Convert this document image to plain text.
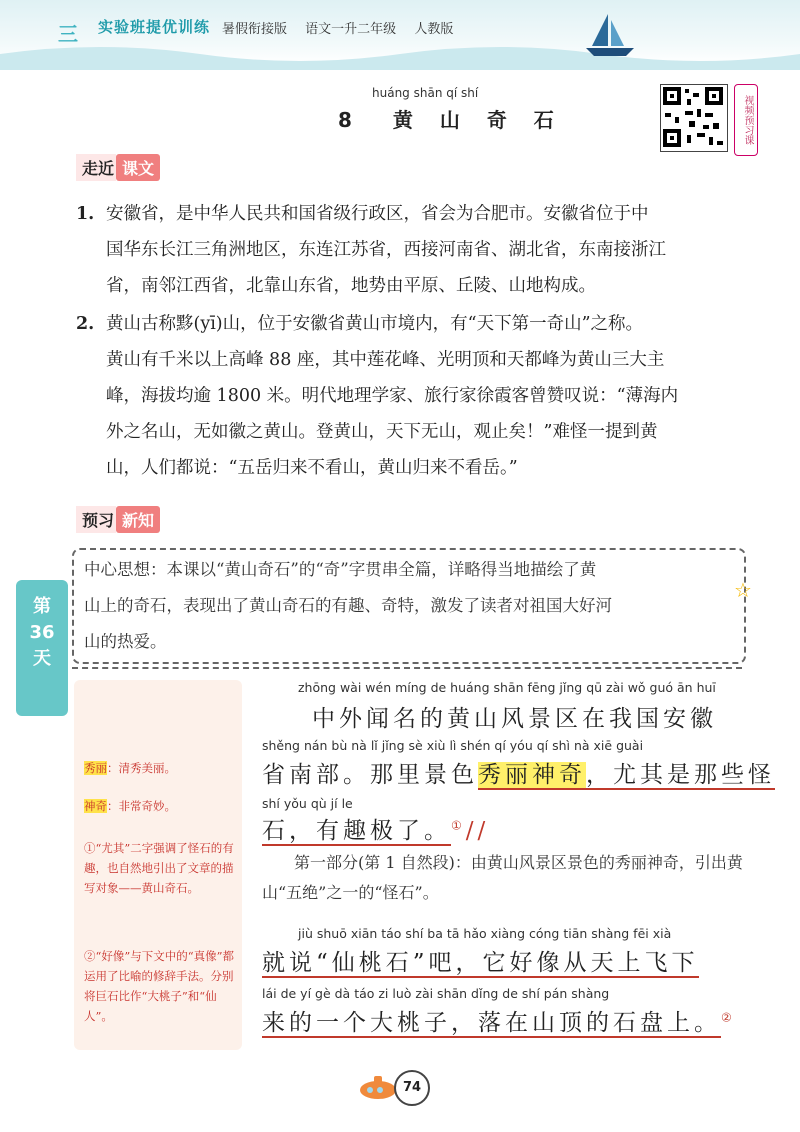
三 实验班提优训练 暑假衔接版 语文一升二年级 人教版
huáng shān qí shí
8 黄 山 奇 石	视频预习课
走近 课文
1. 安徽省，是中华人民共和国省级行政区，省会为合肥市。安徽省位于中
国华东长江三角洲地区，东连江苏省，西接河南省、湖北省，东南接浙江
省，南邻江西省，北靠山东省，地势由平原、丘陵、山地构成。
2. 黄山古称黟(yī)山，位于安徽省黄山市境内，有“天下第一奇山”之称。
黄山有千米以上高峰 88 座，其中莲花峰、光明顶和天都峰为黄山三大主
峰，海拔均逾 1800 米。明代地理学家、旅行家徐霞客曾赞叹说：“薄海内
外之名山，无如徽之黄山。登黄山，天下无山，观止矣！”难怪一提到黄
山，人们都说：“五岳归来不看山，黄山归来不看岳。”
预习 新知
中心思想：本课以“黄山奇石”的“奇”字贯串全篇，详略得当地描绘了黄
山上的奇石，表现出了黄山奇石的有趣、奇特，激发了读者对祖国大好河
山的热爱。
☆
第
36
天
秀丽：清秀美丽。
神奇：非常奇妙。
①“尤其”二字强调了怪石的有趣，也自然地引出了文章的描写对象——黄山奇石。
②“好像”与下文中的“真像”都运用了比喻的修辞手法。分别将巨石比作“大桃子”和“仙人”。
zhōng wài wén míng de huáng shān fēng jǐng qū zài wǒ guó ān huī
中外闻名的黄山风景区在我国安徽
shěng nán bù nà lǐ jǐng sè xiù lì shén qí yóu qí shì nà xiē guài
省南部。那里景色秀丽神奇，尤其是那些怪
shí yǒu qù jí le
石，有趣极了。①//
第一部分(第 1 自然段)：由黄山风景区景色的秀丽神奇，引出黄山“五绝”之一的“怪石”。
jiù shuō xiān táo shí ba tā hǎo xiàng cóng tiān shàng fēi xià
就说“仙桃石”吧，它好像从天上飞下
lái de yí gè dà táo zi luò zài shān dǐng de shí pán shàng
来的一个大桃子，落在山顶的石盘上。②
74
